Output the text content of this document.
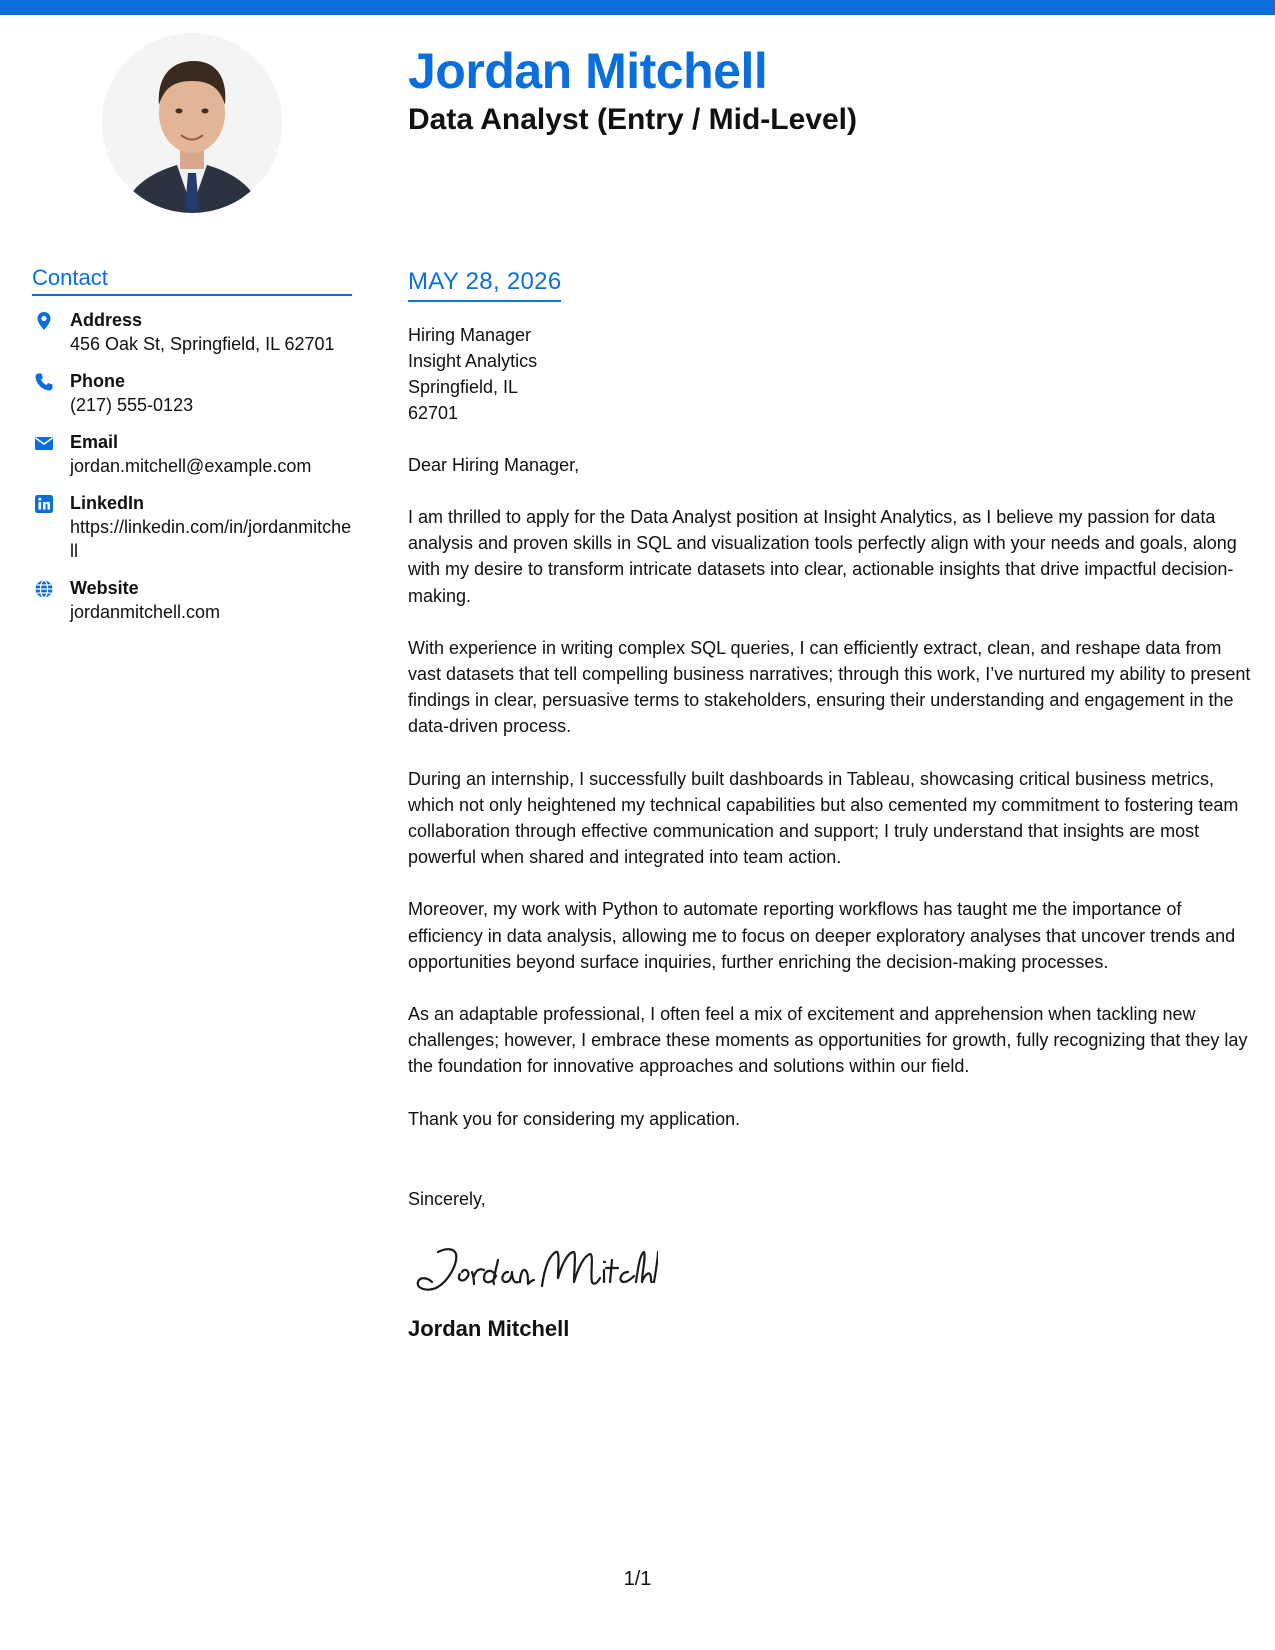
Jordan Mitchell
Data Analyst (Entry / Mid-Level)
Contact
Address
456 Oak St, Springfield, IL 62701
Phone
(217) 555-0123
Email
jordan.mitchell@example.com
LinkedIn
https://linkedin.com/in/jordanmitchell
Website
jordanmitchell.com
MAY 28, 2026
Hiring Manager
Insight Analytics
Springfield, IL
62701
Dear Hiring Manager,

I am thrilled to apply for the Data Analyst position at Insight Analytics, as I believe my passion for data analysis and proven skills in SQL and visualization tools perfectly align with your needs and goals, along with my desire to transform intricate datasets into clear, actionable insights that drive impactful decision-making.

With experience in writing complex SQL queries, I can efficiently extract, clean, and reshape data from vast datasets that tell compelling business narratives; through this work, I’ve nurtured my ability to present findings in clear, persuasive terms to stakeholders, ensuring their understanding and engagement in the data-driven process.

During an internship, I successfully built dashboards in Tableau, showcasing critical business metrics, which not only heightened my technical capabilities but also cemented my commitment to fostering team collaboration through effective communication and support; I truly understand that insights are most powerful when shared and integrated into team action.

Moreover, my work with Python to automate reporting workflows has taught me the importance of efficiency in data analysis, allowing me to focus on deeper exploratory analyses that uncover trends and opportunities beyond surface inquiries, further enriching the decision-making processes.

As an adaptable professional, I often feel a mix of excitement and apprehension when tackling new challenges; however, I embrace these moments as opportunities for growth, fully recognizing that they lay the foundation for innovative approaches and solutions within our field.

Thank you for considering my application.

Sincerely,
Jordan Mitchell
1/1
